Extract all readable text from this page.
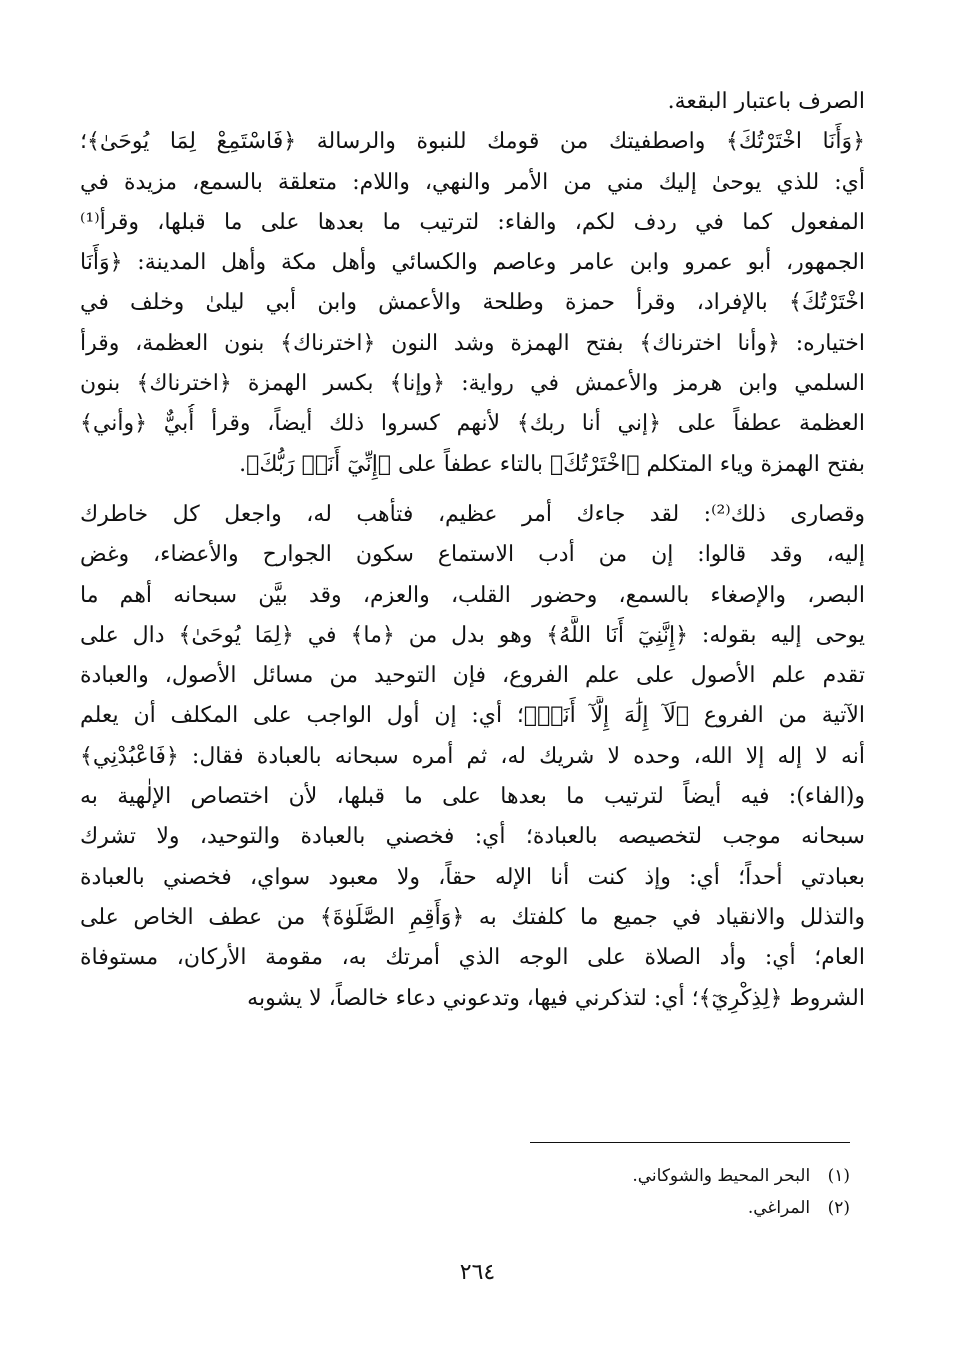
الصرف باعتبار البقعة.
﴿وَأَنَا اخْتَرْتُكَ﴾ واصطفيتك من قومك للنبوة والرسالة ﴿فَاسْتَمِعْ لِمَا يُوحَىٰ﴾؛
أي: للذي يوحىٰ إليك مني من الأمر والنهي، واللام: متعلقة بالسمع، مزيدة في
المفعول كما في ردف لكم، والفاء: لترتيب ما بعدها على ما قبلها، وقرأ⁽¹⁾
الجمهور، أبو عمرو وابن عامر وعاصم والكسائي وأهل مكة وأهل المدينة: ﴿وَأَنَا
اخْتَرْتُكَ﴾ بالإفراد، وقرأ حمزة وطلحة والأعمش وابن أبي ليلىٰ وخلف في
اختياره: ﴿وأنا اخترناك﴾ بفتح الهمزة وشد النون ﴿اخترناك﴾ بنون العظمة، وقرأ
السلمي وابن هرمز والأعمش في رواية: ﴿وإنا﴾ بكسر الهمزة ﴿اخترناك﴾ بنون
العظمة عطفاً على ﴿إني أنا ربك﴾ لأنهم كسروا ذلك أيضاً، وقرأ أُبيٌّ ﴿وأني﴾
بفتح الهمزة وياء المتكلم ﴿اخْتَرْتُكَ﴾ بالتاء عطفاً على ﴿إِنِّيٓ أَنَا۠ رَبُّكَ﴾.

وقصارى ذلك⁽²⁾: لقد جاءك أمر عظيم، فتأهب له، واجعل كل خاطرك
إليه، وقد قالوا: إن من أدب الاستماع سكون الجوارح والأعضاء، وغض
البصر، والإصغاء بالسمع، وحضور القلب، والعزم، وقد بيَّن سبحانه أهم ما
يوحى إليه بقوله: ﴿إِنَّنِيٓ أَنَا اللَّهُ﴾ وهو بدل من ﴿ما﴾ في ﴿لِمَا يُوحَىٰ﴾ دال على
تقدم علم الأصول على علم الفروع، فإن التوحيد من مسائل الأصول، والعبادة
الآتية من الفروع ﴿لَآ إِلَٰهَ إِلَّآ أَنَا۠﴾؛ أي: إن أول الواجب على المكلف أن يعلم
أنه لا إله إلا الله، وحده لا شريك له، ثم أمره سبحانه بالعبادة فقال: ﴿فَاعْبُدْنِي﴾
و(الفاء): فيه أيضاً لترتيب ما بعدها على ما قبلها، لأن اختصاص الإلٰهية به
سبحانه موجب لتخصيصه بالعبادة؛ أي: فخصني بالعبادة والتوحيد، ولا تشرك
بعبادتي أحداً؛ أي: وإذ كنت أنا الإله حقاً، ولا معبود سواي، فخصني بالعبادة
والتذلل والانقياد في جميع ما كلفتك به ﴿وَأَقِمِ الصَّلَوٰةَ﴾ من عطف الخاص على
العام؛ أي: وأد الصلاة على الوجه الذي أمرتك به، مقومة الأركان، مستوفاة
الشروط ﴿لِذِكْرِيٓ﴾؛ أي: لتذكرني فيها، وتدعوني دعاء خالصاً، لا يشوبه

(١) البحر المحيط والشوكاني.
(٢) المراغي.
٢٦٤
